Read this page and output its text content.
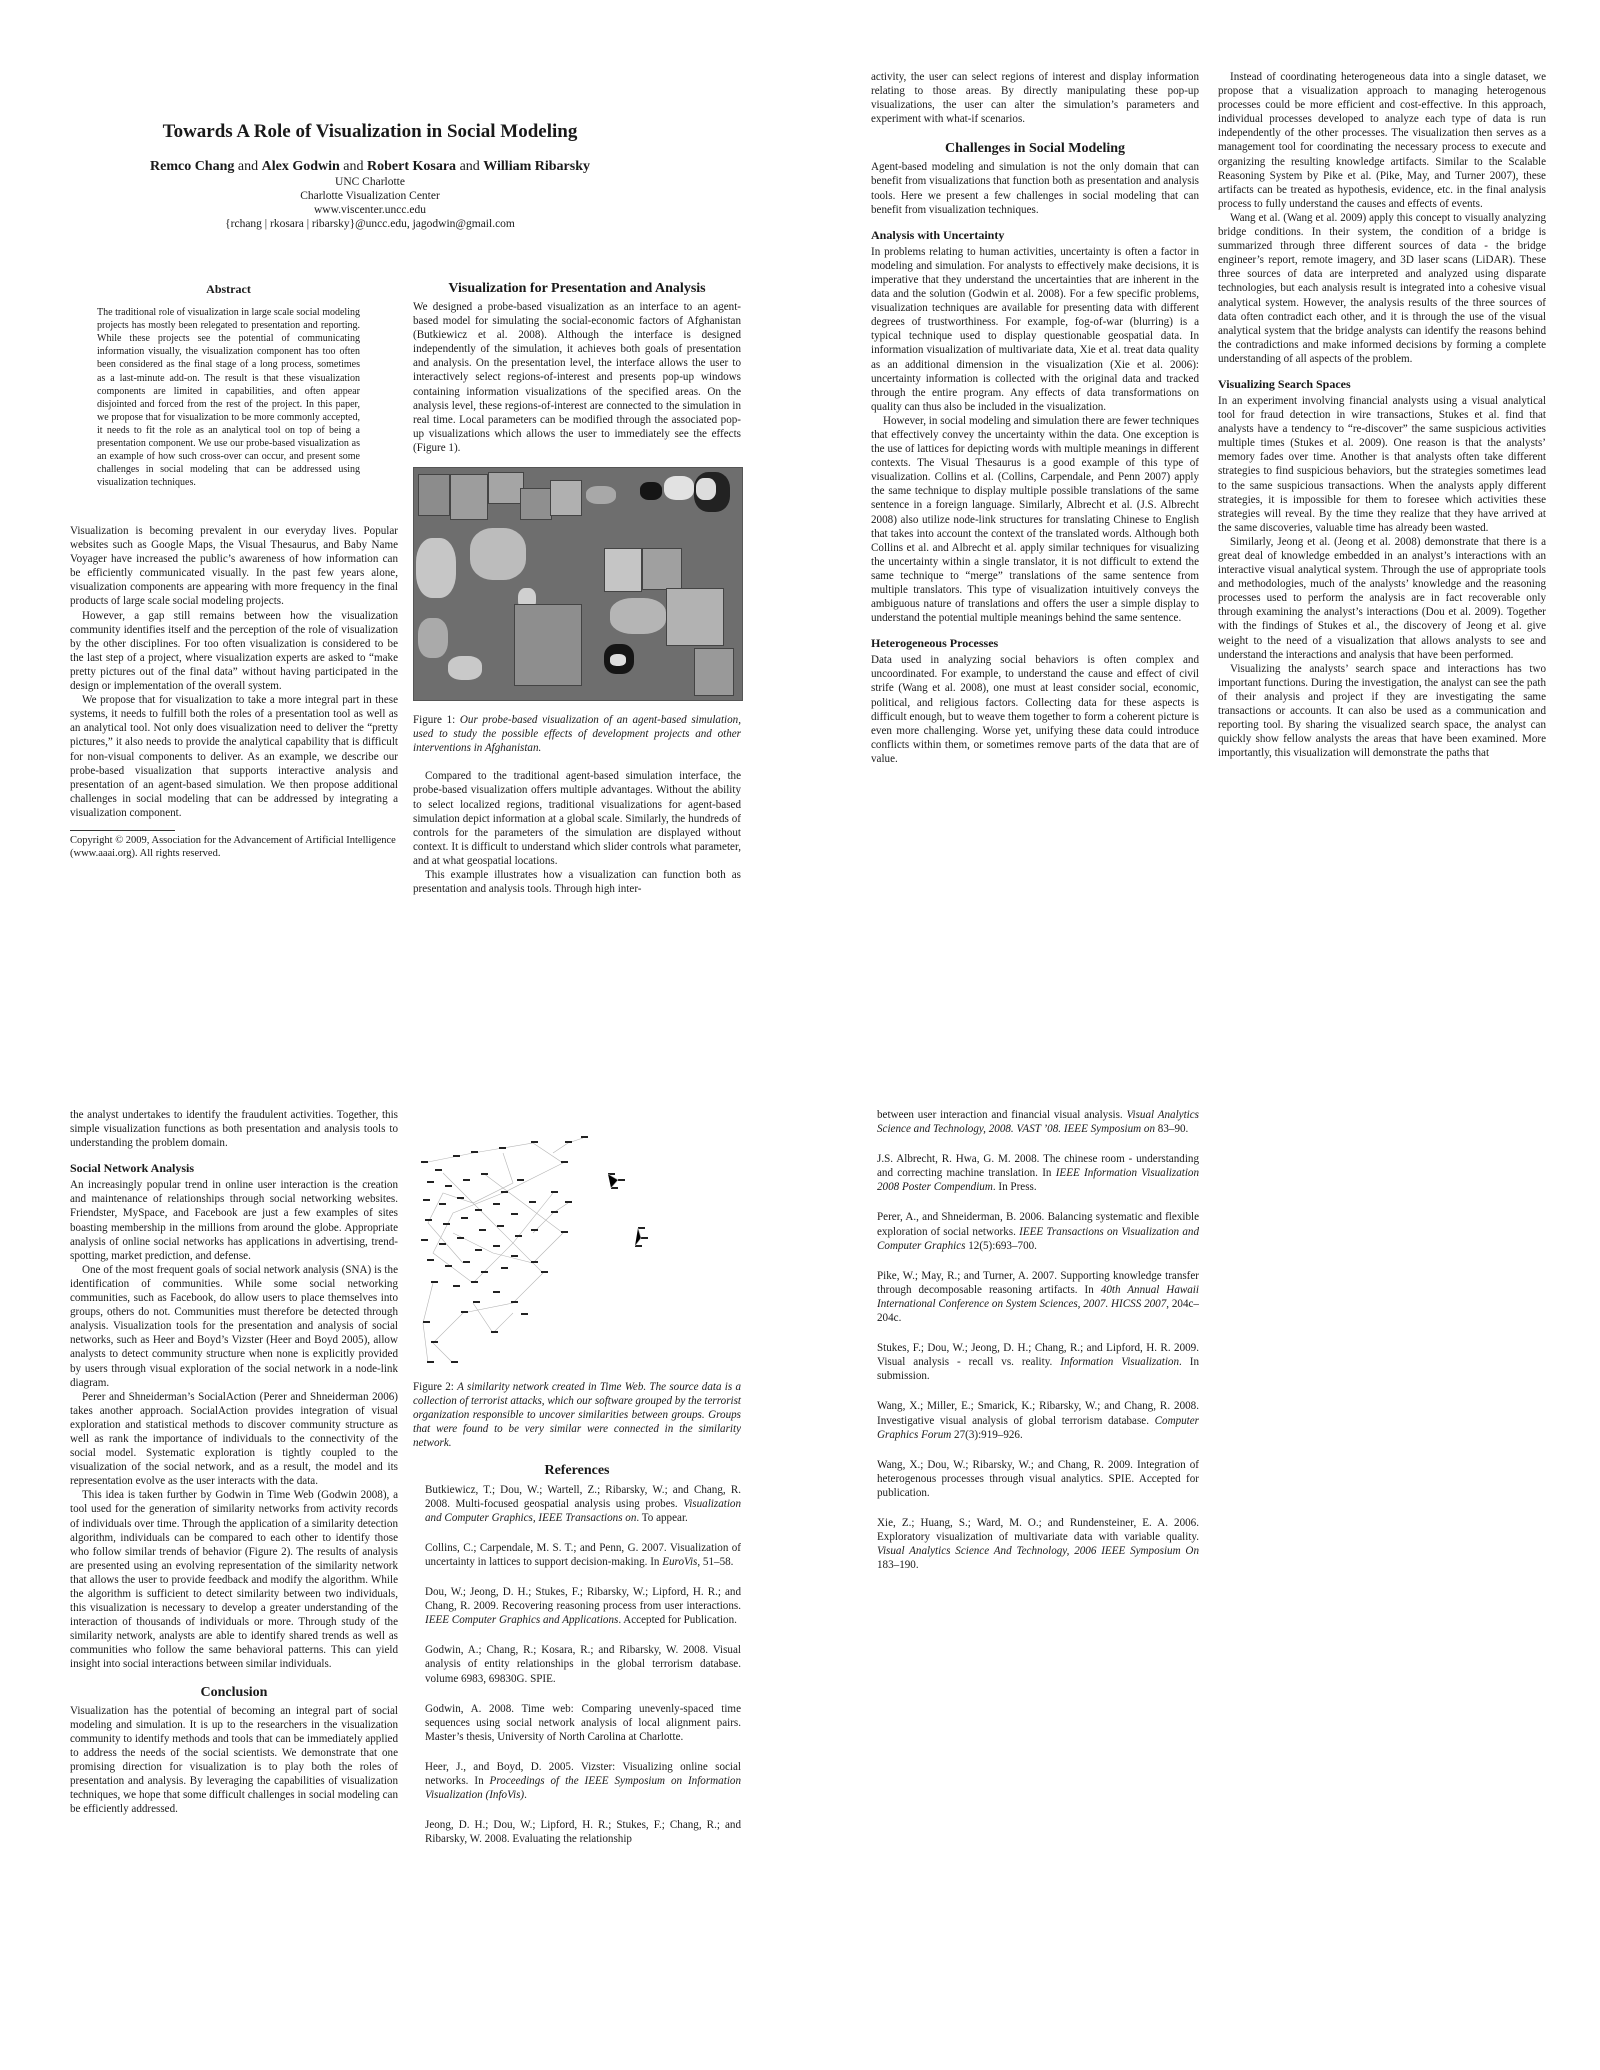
Towards A Role of Visualization in Social Modeling
Remco Chang and Alex Godwin and Robert Kosara and William Ribarsky
UNC Charlotte
Charlotte Visualization Center
www.viscenter.uncc.edu
{rchang | rkosara | ribarsky}@uncc.edu, jagodwin@gmail.com
Abstract
The traditional role of visualization in large scale social modeling projects has mostly been relegated to presentation and reporting. While these projects see the potential of communicating information visually, the visualization component has too often been considered as the final stage of a long process, sometimes as a last-minute add-on. The result is that these visualization components are limited in capabilities, and often appear disjointed and forced from the rest of the project. In this paper, we propose that for visualization to be more commonly accepted, it needs to fit the role as an analytical tool on top of being a presentation component. We use our probe-based visualization as an example of how such cross-over can occur, and present some challenges in social modeling that can be addressed using visualization techniques.

Visualization is becoming prevalent in our everyday lives. Popular websites such as Google Maps, the Visual Thesaurus, and Baby Name Voyager have increased the public’s awareness of how information can be efficiently communicated visually. In the past few years alone, visualization components are appearing with more frequency in the final products of large scale social modeling projects.

However, a gap still remains between how the visualization community identifies itself and the perception of the role of visualization by the other disciplines. For too often visualization is considered to be the last step of a project, where visualization experts are asked to “make pretty pictures out of the final data” without having participated in the design or implementation of the overall system.

We propose that for visualization to take a more integral part in these systems, it needs to fulfill both the roles of a presentation tool as well as an analytical tool. Not only does visualization need to deliver the “pretty pictures,” it also needs to provide the analytical capability that is difficult for non-visual components to deliver. As an example, we describe our probe-based visualization that supports interactive analysis and presentation of an agent-based simulation. We then propose additional challenges in social modeling that can be addressed by integrating a visualization component.

Copyright © 2009, Association for the Advancement of Artificial Intelligence (www.aaai.org). All rights reserved.
Visualization for Presentation and Analysis

We designed a probe-based visualization as an interface to an agent-based model for simulating the social-economic factors of Afghanistan (Butkiewicz et al. 2008). Although the interface is designed independently of the simulation, it achieves both goals of presentation and analysis. On the presentation level, the interface allows the user to interactively select regions-of-interest and presents pop-up windows containing information visualizations of the specified areas. On the analysis level, these regions-of-interest are connected to the simulation in real time. Local parameters can be modified through the associated pop-up visualizations which allows the user to immediately see the effects (Figure 1).

Figure 1: Our probe-based visualization of an agent-based simulation, used to study the possible effects of development projects and other interventions in Afghanistan.

Compared to the traditional agent-based simulation interface, the probe-based visualization offers multiple advantages. Without the ability to select localized regions, traditional visualizations for agent-based simulation depict information at a global scale. Similarly, the hundreds of controls for the parameters of the simulation are displayed without context. It is difficult to understand which slider controls what parameter, and at what geospatial locations.

This example illustrates how a visualization can function both as presentation and analysis tools. Through high inter-

activity, the user can select regions of interest and display information relating to those areas. By directly manipulating these pop-up visualizations, the user can alter the simulation’s parameters and experiment with what-if scenarios.

Challenges in Social Modeling

Agent-based modeling and simulation is not the only domain that can benefit from visualizations that function both as presentation and analysis tools. Here we present a few challenges in social modeling that can benefit from visualization techniques.

Analysis with Uncertainty

In problems relating to human activities, uncertainty is often a factor in modeling and simulation. For analysts to effectively make decisions, it is imperative that they understand the uncertainties that are inherent in the data and the solution (Godwin et al. 2008). For a few specific problems, visualization techniques are available for presenting data with different degrees of trustworthiness. For example, fog-of-war (blurring) is a typical technique used to display questionable geospatial data. In information visualization of multivariate data, Xie et al. treat data quality as an additional dimension in the visualization (Xie et al. 2006): uncertainty information is collected with the original data and tracked through the entire program. Any effects of data transformations on quality can thus also be included in the visualization.

However, in social modeling and simulation there are fewer techniques that effectively convey the uncertainty within the data. One exception is the use of lattices for depicting words with multiple meanings in different contexts. The Visual Thesaurus is a good example of this type of visualization. Collins et al. (Collins, Carpendale, and Penn 2007) apply the same technique to display multiple possible translations of the same sentence in a foreign language. Similarly, Albrecht et al. (J.S. Albrecht 2008) also utilize node-link structures for translating Chinese to English that takes into account the context of the translated words. Although both Collins et al. and Albrecht et al. apply similar techniques for visualizing the uncertainty within a single translator, it is not difficult to extend the same technique to “merge” translations of the same sentence from multiple translators. This type of visualization intuitively conveys the ambiguous nature of translations and offers the user a simple display to understand the potential multiple meanings behind the same sentence.

Heterogeneous Processes

Data used in analyzing social behaviors is often complex and uncoordinated. For example, to understand the cause and effect of civil strife (Wang et al. 2008), one must at least consider social, economic, political, and religious factors. Collecting data for these aspects is difficult enough, but to weave them together to form a coherent picture is even more challenging. Worse yet, unifying these data could introduce conflicts within them, or sometimes remove parts of the data that are of value.

Instead of coordinating heterogeneous data into a single dataset, we propose that a visualization approach to managing heterogenous processes could be more efficient and cost-effective. In this approach, individual processes developed to analyze each type of data is run independently of the other processes. The visualization then serves as a management tool for coordinating the necessary process to execute and organizing the resulting knowledge artifacts. Similar to the Scalable Reasoning System by Pike et al. (Pike, May, and Turner 2007), these artifacts can be treated as hypothesis, evidence, etc. in the final analysis process to fully understand the causes and effects of events.

Wang et al. (Wang et al. 2009) apply this concept to visually analyzing bridge conditions. In their system, the condition of a bridge is summarized through three different sources of data - the bridge engineer’s report, remote imagery, and 3D laser scans (LiDAR). These three sources of data are interpreted and analyzed using disparate technologies, but each analysis result is integrated into a cohesive visual analytical system. However, the analysis results of the three sources of data often contradict each other, and it is through the use of the visual analytical system that the bridge analysts can identify the reasons behind the contradictions and make informed decisions by forming a complete understanding of all aspects of the problem.

Visualizing Search Spaces

In an experiment involving financial analysts using a visual analytical tool for fraud detection in wire transactions, Stukes et al. find that analysts have a tendency to “re-discover” the same suspicious activities multiple times (Stukes et al. 2009). One reason is that the analysts’ memory fades over time. Another is that analysts often take different strategies to find suspicious behaviors, but the strategies sometimes lead to the same suspicious transactions. When the analysts apply different strategies, it is impossible for them to foresee which activities these strategies will reveal. By the time they realize that they have arrived at the same discoveries, valuable time has already been wasted.

Similarly, Jeong et al. (Jeong et al. 2008) demonstrate that there is a great deal of knowledge embedded in an analyst’s interactions with an interactive visual analytical system. Through the use of appropriate tools and methodologies, much of the analysts’ knowledge and the reasoning processes used to perform the analysis are in fact recoverable only through examining the analyst’s interactions (Dou et al. 2009). Together with the findings of Stukes et al., the discovery of Jeong et al. give weight to the need of a visualization that allows analysts to see and understand the interactions and analysis that have been performed.

Visualizing the analysts’ search space and interactions has two important functions. During the investigation, the analyst can see the path of their analysis and project if they are investigating the same transactions or accounts. It can also be used as a communication and reporting tool. By sharing the visualized search space, the analyst can quickly show fellow analysts the areas that have been examined. More importantly, this visualization will demonstrate the paths that

the analyst undertakes to identify the fraudulent activities. Together, this simple visualization functions as both presentation and analysis tools to understanding the problem domain.

Social Network Analysis

An increasingly popular trend in online user interaction is the creation and maintenance of relationships through social networking websites. Friendster, MySpace, and Facebook are just a few examples of sites boasting membership in the millions from around the globe. Appropriate analysis of online social networks has applications in advertising, trend-spotting, market prediction, and defense.

One of the most frequent goals of social network analysis (SNA) is the identification of communities. While some social networking communities, such as Facebook, do allow users to place themselves into groups, others do not. Communities must therefore be detected through analysis. Visualization tools for the presentation and analysis of social networks, such as Heer and Boyd’s Vizster (Heer and Boyd 2005), allow analysts to detect community structure when none is explicitly provided by users through visual exploration of the social network in a node-link diagram.

Perer and Shneiderman’s SocialAction (Perer and Shneiderman 2006) takes another approach. SocialAction provides integration of visual exploration and statistical methods to discover community structure as well as rank the importance of individuals to the connectivity of the social model. Systematic exploration is tightly coupled to the visualization of the social network, and as a result, the model and its representation evolve as the user interacts with the data.

This idea is taken further by Godwin in Time Web (Godwin 2008), a tool used for the generation of similarity networks from activity records of individuals over time. Through the application of a similarity detection algorithm, individuals can be compared to each other to identify those who follow similar trends of behavior (Figure 2). The results of analysis are presented using an evolving representation of the similarity network that allows the user to provide feedback and modify the algorithm. While the algorithm is sufficient to detect similarity between two individuals, this visualization is necessary to develop a greater understanding of the interaction of thousands of individuals or more. Through study of the similarity network, analysts are able to identify shared trends as well as communities who follow the same behavioral patterns. This can yield insight into social interactions between similar individuals.

Conclusion

Visualization has the potential of becoming an integral part of social modeling and simulation. It is up to the researchers in the visualization community to identify methods and tools that can be immediately applied to address the needs of the social scientists. We demonstrate that one promising direction for visualization is to play both the roles of presentation and analysis. By leveraging the capabilities of visualization techniques, we hope that some difficult challenges in social modeling can be efficiently addressed.

Figure 2: A similarity network created in Time Web. The source data is a collection of terrorist attacks, which our software grouped by the terrorist organization responsible to uncover similarities between groups. Groups that were found to be very similar were connected in the similarity network.
References
Butkiewicz, T.; Dou, W.; Wartell, Z.; Ribarsky, W.; and Chang, R. 2008. Multi-focused geospatial analysis using probes. Visualization and Computer Graphics, IEEE Transactions on. To appear.
Collins, C.; Carpendale, M. S. T.; and Penn, G. 2007. Visualization of uncertainty in lattices to support decision-making. In EuroVis, 51–58.
Dou, W.; Jeong, D. H.; Stukes, F.; Ribarsky, W.; Lipford, H. R.; and Chang, R. 2009. Recovering reasoning process from user interactions. IEEE Computer Graphics and Applications. Accepted for Publication.
Godwin, A.; Chang, R.; Kosara, R.; and Ribarsky, W. 2008. Visual analysis of entity relationships in the global terrorism database. volume 6983, 69830G. SPIE.
Godwin, A. 2008. Time web: Comparing unevenly-spaced time sequences using social network analysis of local alignment pairs. Master’s thesis, University of North Carolina at Charlotte.
Heer, J., and Boyd, D. 2005. Vizster: Visualizing online social networks. In Proceedings of the IEEE Symposium on Information Visualization (InfoVis).
Jeong, D. H.; Dou, W.; Lipford, H. R.; Stukes, F.; Chang, R.; and Ribarsky, W. 2008. Evaluating the relationship
between user interaction and financial visual analysis. Visual Analytics Science and Technology, 2008. VAST ’08. IEEE Symposium on 83–90.
J.S. Albrecht, R. Hwa, G. M. 2008. The chinese room - understanding and correcting machine translation. In IEEE Information Visualization 2008 Poster Compendium. In Press.
Perer, A., and Shneiderman, B. 2006. Balancing systematic and flexible exploration of social networks. IEEE Transactions on Visualization and Computer Graphics 12(5):693–700.
Pike, W.; May, R.; and Turner, A. 2007. Supporting knowledge transfer through decomposable reasoning artifacts. In 40th Annual Hawaii International Conference on System Sciences, 2007. HICSS 2007, 204c–204c.
Stukes, F.; Dou, W.; Jeong, D. H.; Chang, R.; and Lipford, H. R. 2009. Visual analysis - recall vs. reality. Information Visualization. In submission.
Wang, X.; Miller, E.; Smarick, K.; Ribarsky, W.; and Chang, R. 2008. Investigative visual analysis of global terrorism database. Computer Graphics Forum 27(3):919–926.
Wang, X.; Dou, W.; Ribarsky, W.; and Chang, R. 2009. Integration of heterogenous processes through visual analytics. SPIE. Accepted for publication.
Xie, Z.; Huang, S.; Ward, M. O.; and Rundensteiner, E. A. 2006. Exploratory visualization of multivariate data with variable quality. Visual Analytics Science And Technology, 2006 IEEE Symposium On 183–190.
